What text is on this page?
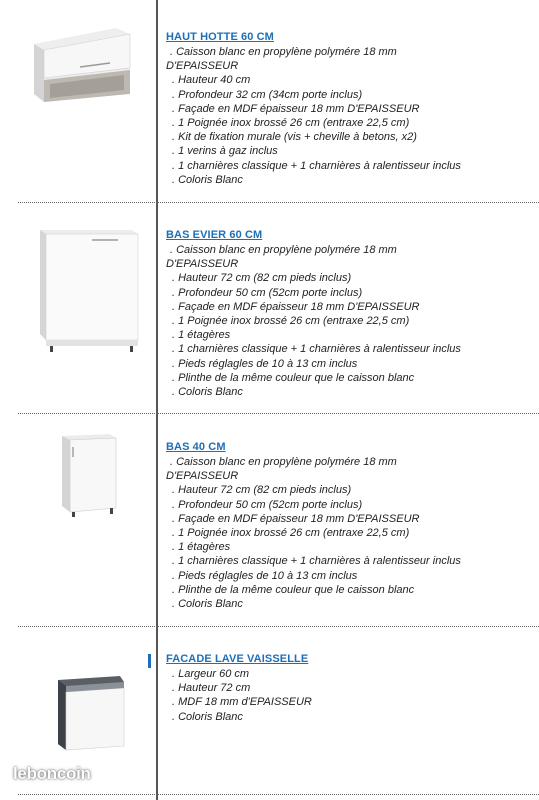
HAUT HOTTE 60 CM
. Caisson blanc en propylène polymére 18 mm
D'EPAISSEUR
. Hauteur 40 cm
. Profondeur 32 cm (34cm porte inclus)
. Façade en MDF épaisseur 18 mm D'EPAISSEUR
. 1 Poignée inox brossé 26 cm (entraxe 22,5 cm)
. Kit de fixation murale (vis + cheville à betons, x2)
. 1 verins à gaz inclus
. 1 charnières classique + 1 charnières à ralentisseur inclus
. Coloris Blanc
BAS EVIER 60 CM
. Caisson blanc en propylène polymére 18 mm
D'EPAISSEUR
. Hauteur 72 cm (82 cm pieds inclus)
. Profondeur 50 cm (52cm porte inclus)
. Façade en MDF épaisseur 18 mm D'EPAISSEUR
. 1 Poignée inox brossé 26 cm (entraxe 22,5 cm)
. 1 étagères
. 1 charnières classique + 1 charnières à ralentisseur inclus
. Pieds réglagles de 10 à 13 cm inclus
. Plinthe de la même couleur que le caisson blanc
. Coloris Blanc
BAS 40 CM
. Caisson blanc en propylène polymére 18 mm
D'EPAISSEUR
. Hauteur 72 cm (82 cm pieds inclus)
. Profondeur 50 cm (52cm porte inclus)
. Façade en MDF épaisseur 18 mm D'EPAISSEUR
. 1 Poignée inox brossé 26 cm (entraxe 22,5 cm)
. 1 étagères
. 1 charnières classique + 1 charnières à ralentisseur inclus
. Pieds réglagles de 10 à 13 cm inclus
. Plinthe de la même couleur que le caisson blanc
. Coloris Blanc
FACADE LAVE VAISSELLE
. Largeur 60 cm
. Hauteur 72 cm
. MDF 18 mm d'EPAISSEUR
. Coloris Blanc
leboncoin
